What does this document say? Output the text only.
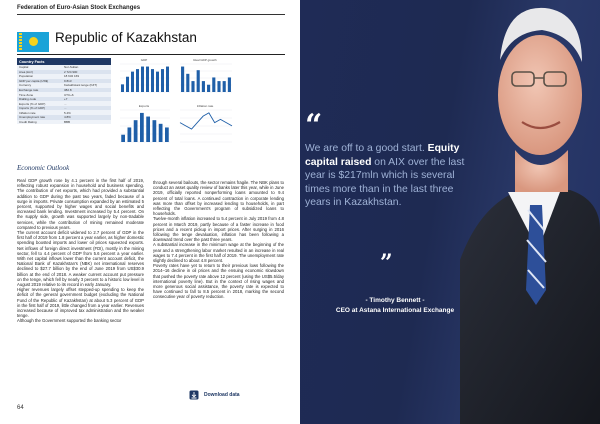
Federation of Euro-Asian Stock Exchanges
Republic of Kazakhstan
Country Facts
Capital	Nur-Sultan
Area (km²)	2 724 900
Population	18 632 169
GDP per capita (US$)	9 813
Currency	Kazakhstani tenge (KZT)
Exchange rate	382.8
Time Zone	UTC+6
Dialling code	+7
Exports (% of GDP)	...
Imports (% of GDP)	...
Inflation rate	5.4%
Unemployment rate	4.8%
Credit Rating	BBB
GDP	Real GDP growth
Exports	Inflation rate
Economic Outlook

Real GDP growth rose by 4.1 percent in the first half of 2019, reflecting robust expansion in household and business spending. The contribution of net exports, which had provided a substantial addition to GDP during the past two years, faded because of a surge in imports. Private consumption expanded by an estimated 5 percent, supported by higher wages and social benefits and increased bank lending. Investment increased by 5.4 percent. On the supply side, growth was supported largely by non-tradable services, while the contribution of mining remained moderate compared to previous years.

The current account deficit widened to 2.7 percent of GDP in the first half of 2019 from 1.8 percent a year earlier, as higher domestic spending boosted imports and lower oil prices squeezed exports. Net inflows of foreign direct investment (FDI), mostly in the mining sector, fell to 4.4 percent of GDP from 5.6 percent a year earlier. With net capital inflows lower than the current account deficit, the National Bank of Kazakhstan's (NBK) net international reserves declined to $27.7 billion by the end of June 2019 from US$30.9 billion at the end of 2018. A weaker current account put pressure on the tenge, which fell by nearly 3 percent to a historic low level in August 2019 relative to its record in early January.

Higher revenues largely offset stepped-up spending to keep the deficit of the general government budget (excluding the National Fund of the Republic of Kazakhstan) at about 5.3 percent of GDP in the first half of 2019, little changed from a year earlier. Revenues increased because of improved tax administration and the weaker tenge.

Although the Government supported the banking sector

through several bailouts, the sector remains fragile. The NBK plans to conduct an asset quality review of banks later this year, while in June 2019, officially reported nonperforming loans amounted to 9.4 percent of total loans. A continued contraction in corporate lending was more than offset by increased lending to households, in part reflecting the Government's program of subsidized loans to households.

Twelve-month inflation increased to 5.4 percent in July 2019 from 4.8 percent in March 2019, partly because of a faster increase in food prices and a recent pickup in import prices. After surging in 2016 following the tenge devaluation, inflation has been following a downward trend over the past three years.

A substantial increase in the minimum wage at the beginning of the year and a strengthening labor market resulted in an increase in real wages to 7.4 percent in the first half of 2019. The unemployment rate slightly declined to about 4.8 percent.

Poverty rates have yet to return to their previous lows following the 2014–16 decline in oil prices and the ensuing economic slowdown that pushed the poverty rate above 12 percent (using the US$5.5/day international poverty line). But in the context of rising wages and more generous social assistance, the poverty rate is expected to have continued to fall to 8.5 percent in 2018, marking the second consecutive year of poverty reduction.

Download data
64
“
We are off to a good start. Equity capital raised on AIX over the last year is $217mln which is several times more than in the last three years in Kazakhstan.
”
- Timothy Bennett -
CEO at Astana International Exchange
